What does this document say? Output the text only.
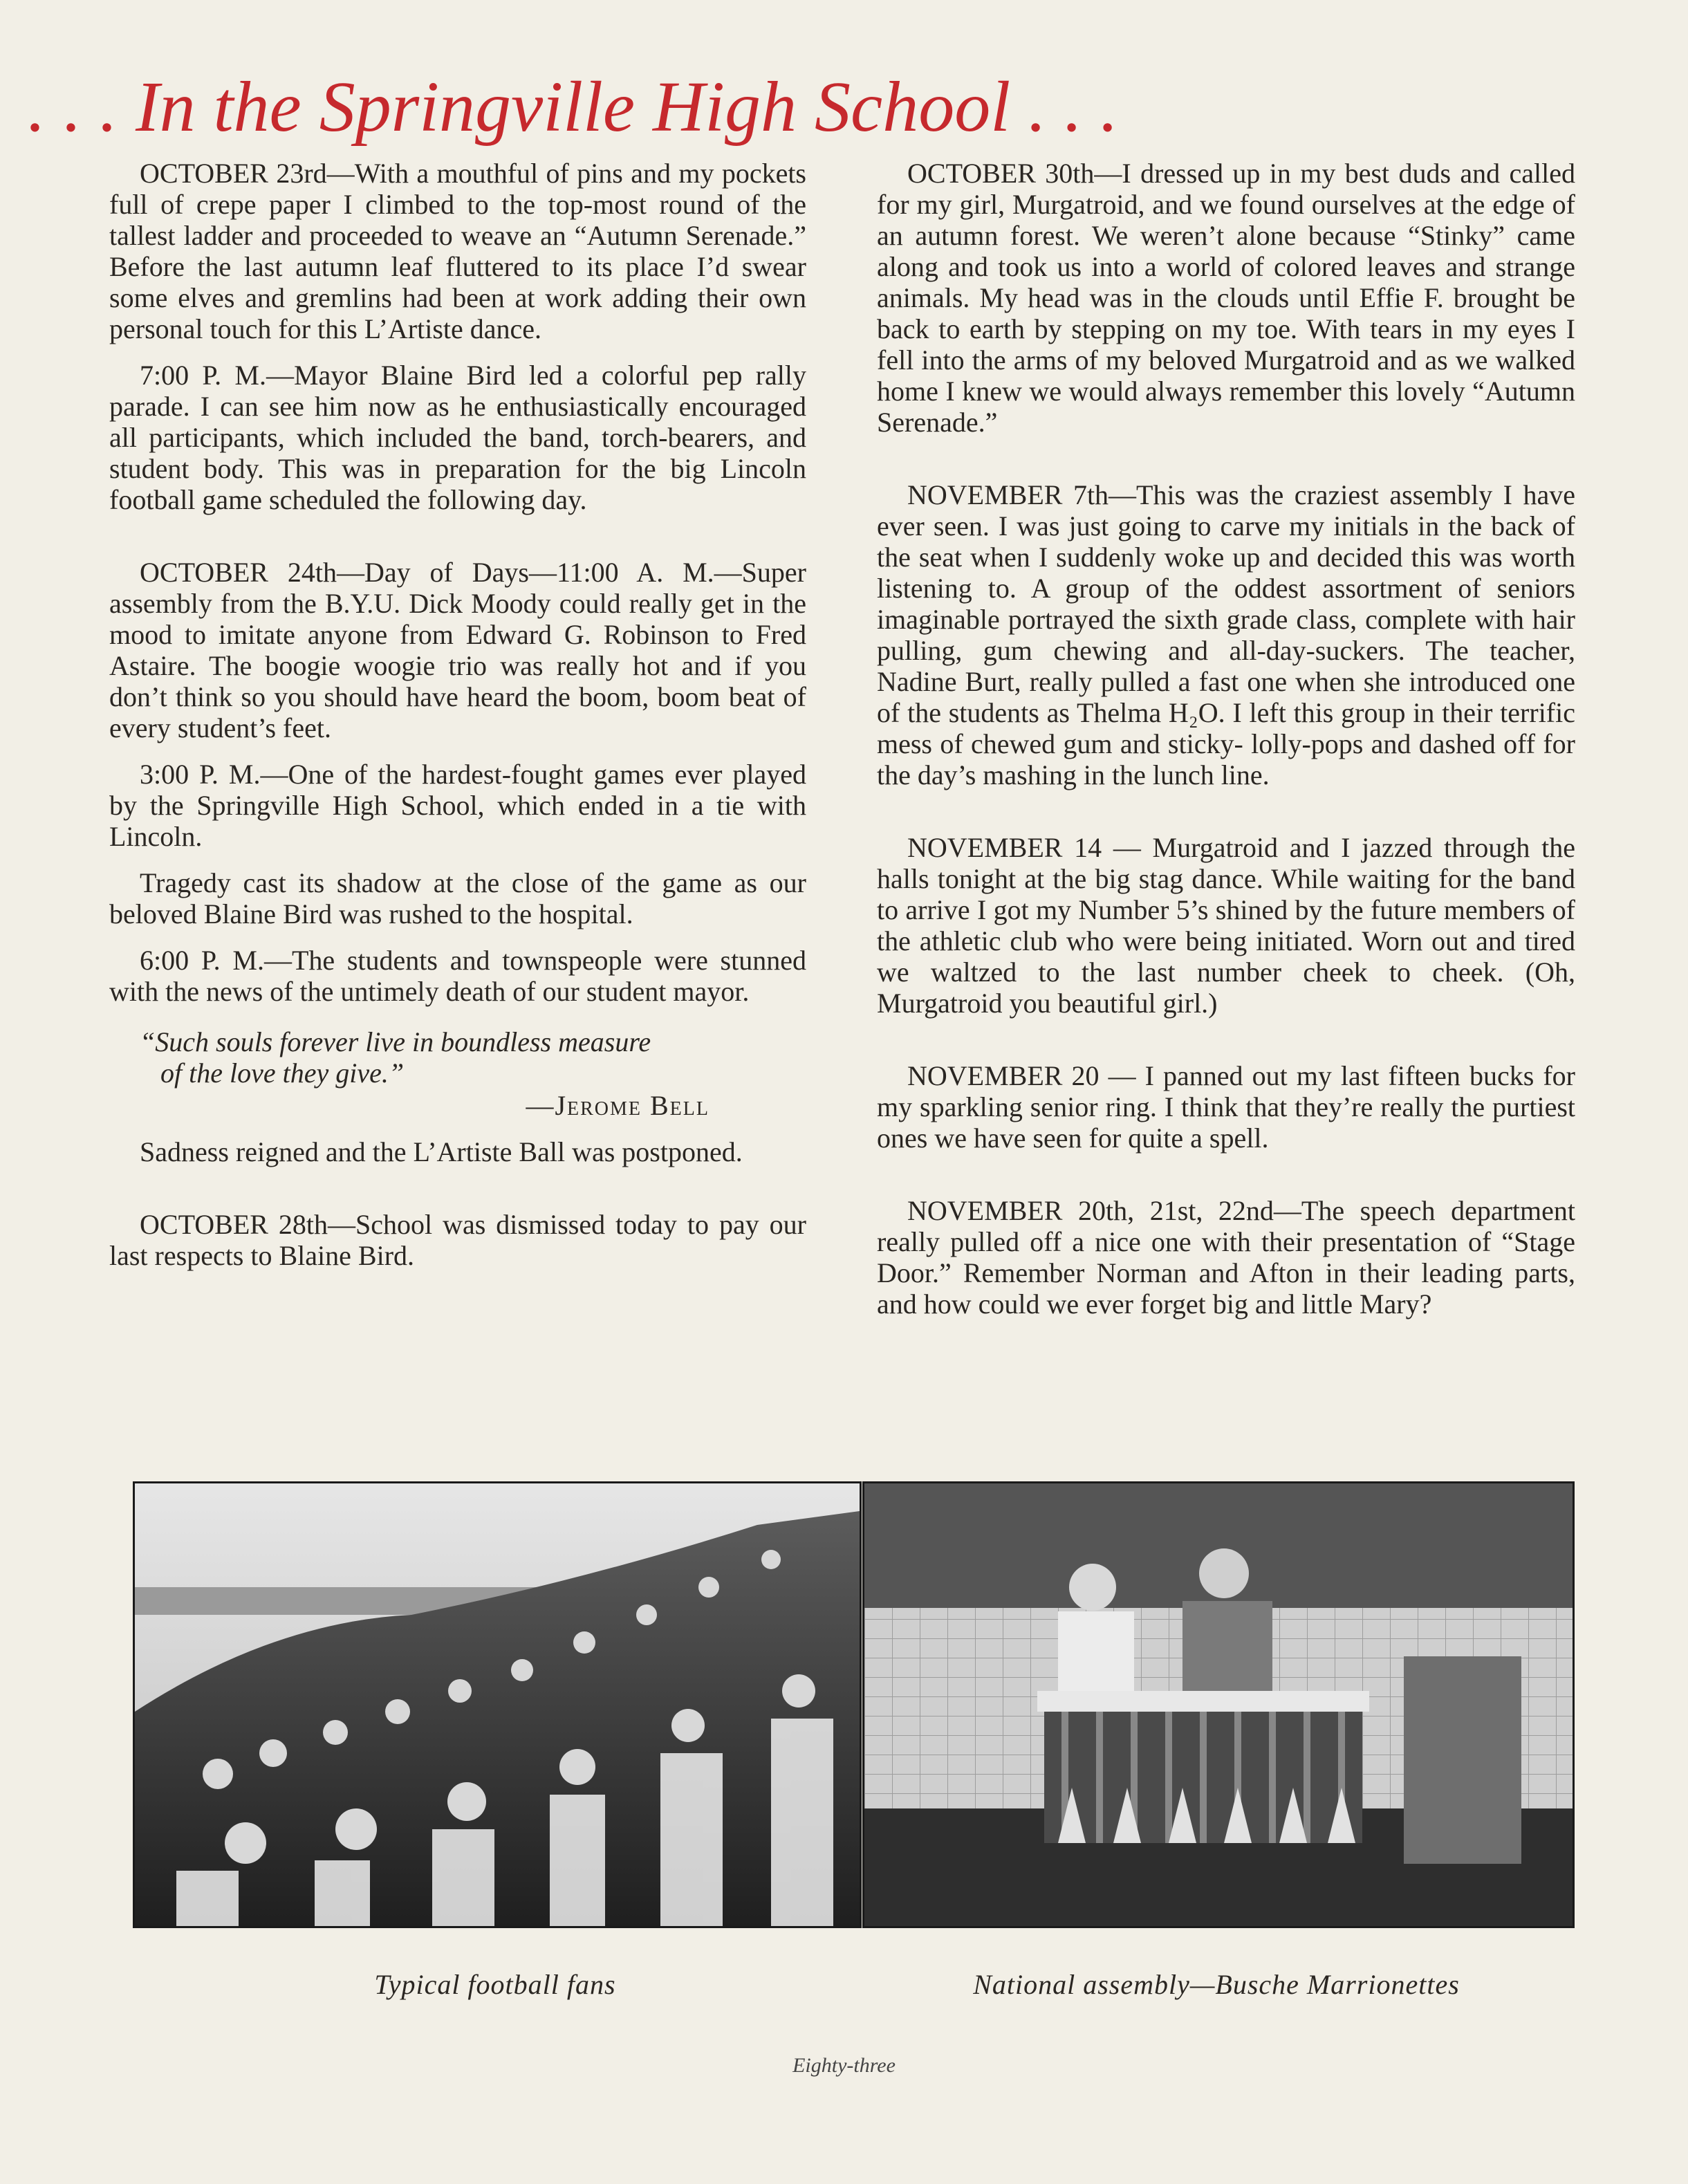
. . . In the Springville High School . . .

OCTOBER 23rd—With a mouthful of pins and my pockets full of crepe paper I climbed to the top-most round of the tallest ladder and proceeded to weave an “Autumn Serenade.” Before the last autumn leaf fluttered to its place I’d swear some elves and gremlins had been at work adding their own personal touch for this L’Artiste dance.

7:00 P. M.—Mayor Blaine Bird led a colorful pep rally parade. I can see him now as he enthusiastically encouraged all participants, which included the band, torch-bearers, and student body. This was in preparation for the big Lincoln football game scheduled the following day.

OCTOBER 24th—Day of Days—11:00 A. M.—Super assembly from the B.Y.U. Dick Moody could really get in the mood to imitate anyone from Edward G. Robinson to Fred Astaire. The boogie woogie trio was really hot and if you don’t think so you should have heard the boom, boom beat of every student’s feet.

3:00 P. M.—One of the hardest-fought games ever played by the Springville High School, which ended in a tie with Lincoln.

Tragedy cast its shadow at the close of the game as our beloved Blaine Bird was rushed to the hospital.

6:00 P. M.—The students and townspeople were stunned with the news of the untimely death of our student mayor.

“Such souls forever live in boundless measure
of the love they give.”
—Jerome Bell

Sadness reigned and the L’Artiste Ball was postponed.

OCTOBER 28th—School was dismissed today to pay our last respects to Blaine Bird.

OCTOBER 30th—I dressed up in my best duds and called for my girl, Murgatroid, and we found ourselves at the edge of an autumn forest. We weren’t alone because “Stinky” came along and took us into a world of colored leaves and strange animals. My head was in the clouds until Effie F. brought be back to earth by stepping on my toe. With tears in my eyes I fell into the arms of my beloved Murgatroid and as we walked home I knew we would always remember this lovely “Autumn Serenade.”

NOVEMBER 7th—This was the craziest assembly I have ever seen. I was just going to carve my initials in the back of the seat when I suddenly woke up and decided this was worth listening to. A group of the oddest assortment of seniors imaginable portrayed the sixth grade class, complete with hair pulling, gum chewing and all-day-suckers. The teacher, Nadine Burt, really pulled a fast one when she introduced one of the students as Thelma H₂O. I left this group in their terrific mess of chewed gum and sticky- lolly-pops and dashed off for the day’s mashing in the lunch line.

NOVEMBER 14 — Murgatroid and I jazzed through the halls tonight at the big stag dance. While waiting for the band to arrive I got my Number 5’s shined by the future members of the athletic club who were being initiated. Worn out and tired we waltzed to the last number cheek to cheek. (Oh, Murgatroid you beautiful girl.)

NOVEMBER 20 — I panned out my last fifteen bucks for my sparkling senior ring. I think that they’re really the purtiest ones we have seen for quite a spell.

NOVEMBER 20th, 21st, 22nd—The speech department really pulled off a nice one with their presentation of “Stage Door.” Remember Norman and Afton in their leading parts, and how could we ever forget big and little Mary?

Typical football fans	National assembly—Busche Marrionettes
Eighty-three
